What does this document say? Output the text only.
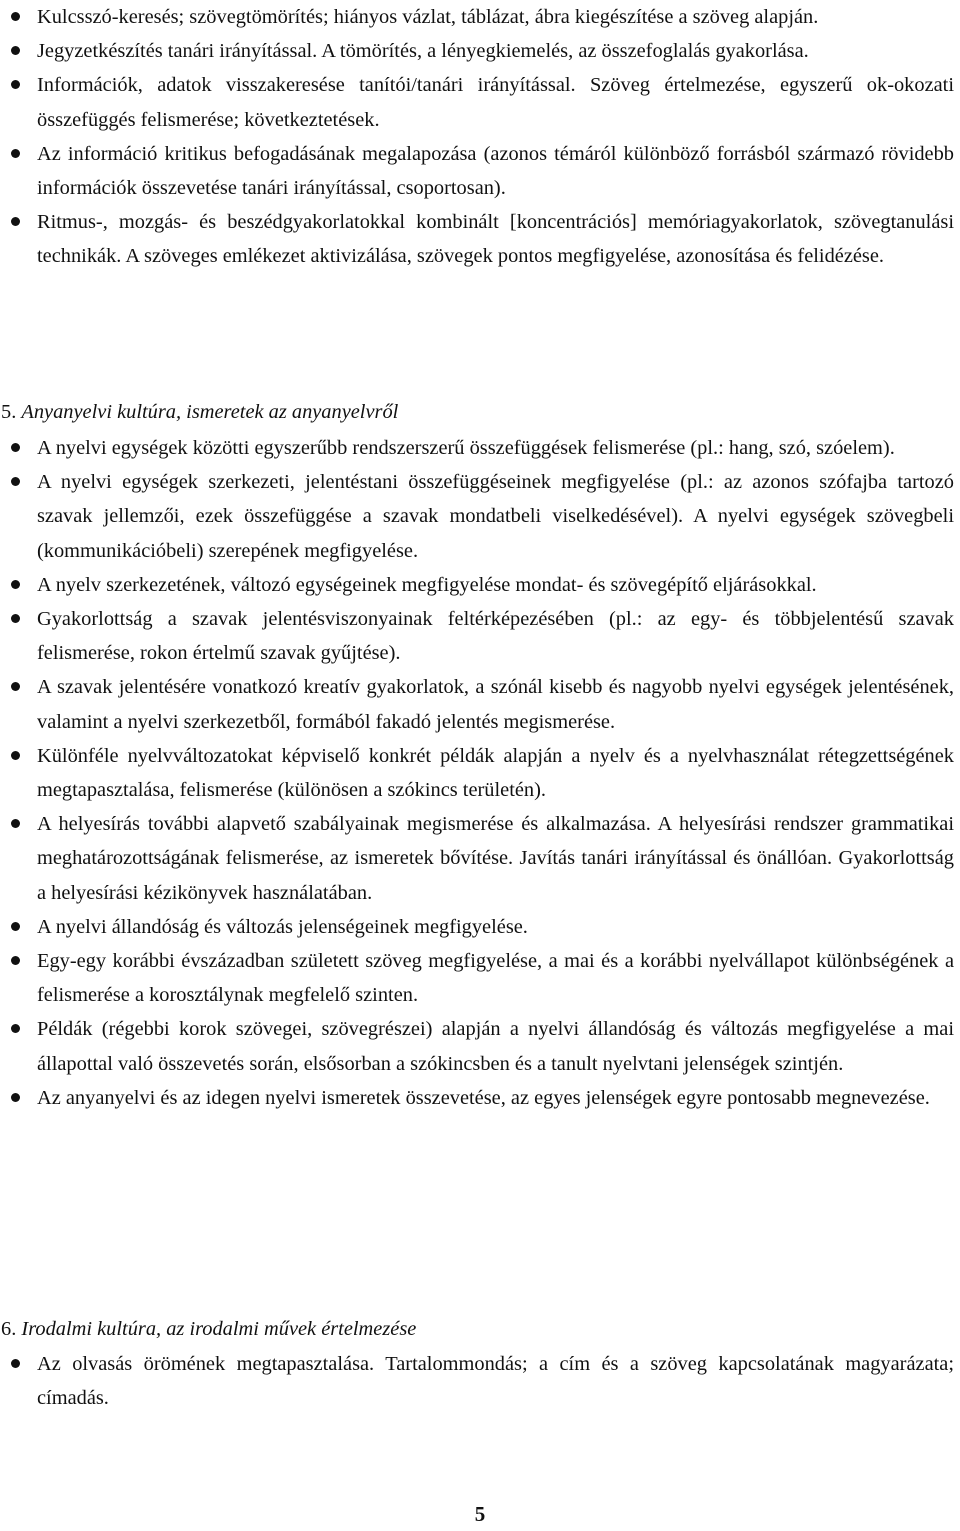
Kulcsszó-keresés; szövegtömörítés; hiányos vázlat, táblázat, ábra kiegészítése a szöveg alapján.
Jegyzetkészítés tanári irányítással. A tömörítés, a lényegkiemelés, az összefoglalás gyakorlása.
Információk, adatok visszakeresése tanítói/tanári irányítással. Szöveg értelmezése, egyszerű ok-okozati összefüggés felismerése; következtetések.
Az információ kritikus befogadásának megalapozása (azonos témáról különböző forrásból származó rövidebb információk összevetése tanári irányítással, csoportosan).
Ritmus-, mozgás- és beszédgyakorlatokkal kombinált [koncentrációs] memóriagyakorlatok, szövegtanulási technikák. A szöveges emlékezet aktivizálása, szövegek pontos megfigyelése, azonosítása és felidézése.
5. Anyanyelvi kultúra, ismeretek az anyanyelvről
A nyelvi egységek közötti egyszerűbb rendszerszerű összefüggések felismerése (pl.: hang, szó, szóelem).
A nyelvi egységek szerkezeti, jelentéstani összefüggéseinek megfigyelése (pl.: az azonos szófajba tartozó szavak jellemzői, ezek összefüggése a szavak mondatbeli viselkedésével). A nyelvi egységek szövegbeli (kommunikációbeli) szerepének megfigyelése.
A nyelv szerkezetének, változó egységeinek megfigyelése mondat- és szövegépítő eljárásokkal.
Gyakorlottság a szavak jelentésviszonyainak feltérképezésében (pl.: az egy- és többjelentésű szavak felismerése, rokon értelmű szavak gyűjtése).
A szavak jelentésére vonatkozó kreatív gyakorlatok, a szónál kisebb és nagyobb nyelvi egységek jelentésének, valamint a nyelvi szerkezetből, formából fakadó jelentés megismerése.
Különféle nyelvváltozatokat képviselő konkrét példák alapján a nyelv és a nyelvhasználat rétegzettségének megtapasztalása, felismerése (különösen a szókincs területén).
A helyesírás további alapvető szabályainak megismerése és alkalmazása. A helyesírási rendszer grammatikai meghatározottságának felismerése, az ismeretek bővítése. Javítás tanári irányítással és önállóan. Gyakorlottság a helyesírási kézikönyvek használatában.
A nyelvi állandóság és változás jelenségeinek megfigyelése.
Egy-egy korábbi évszázadban született szöveg megfigyelése, a mai és a korábbi nyelvállapot különbségének a felismerése a korosztálynak megfelelő szinten.
Példák (régebbi korok szövegei, szövegrészei) alapján a nyelvi állandóság és változás megfigyelése a mai állapottal való összevetés során, elsősorban a szókincsben és a tanult nyelvtani jelenségek szintjén.
Az anyanyelvi és az idegen nyelvi ismeretek összevetése, az egyes jelenségek egyre pontosabb megnevezése.
6. Irodalmi kultúra, az irodalmi művek értelmezése
Az olvasás örömének megtapasztalása. Tartalommondás; a cím és a szöveg kapcsolatának magyarázata; címadás.
5
